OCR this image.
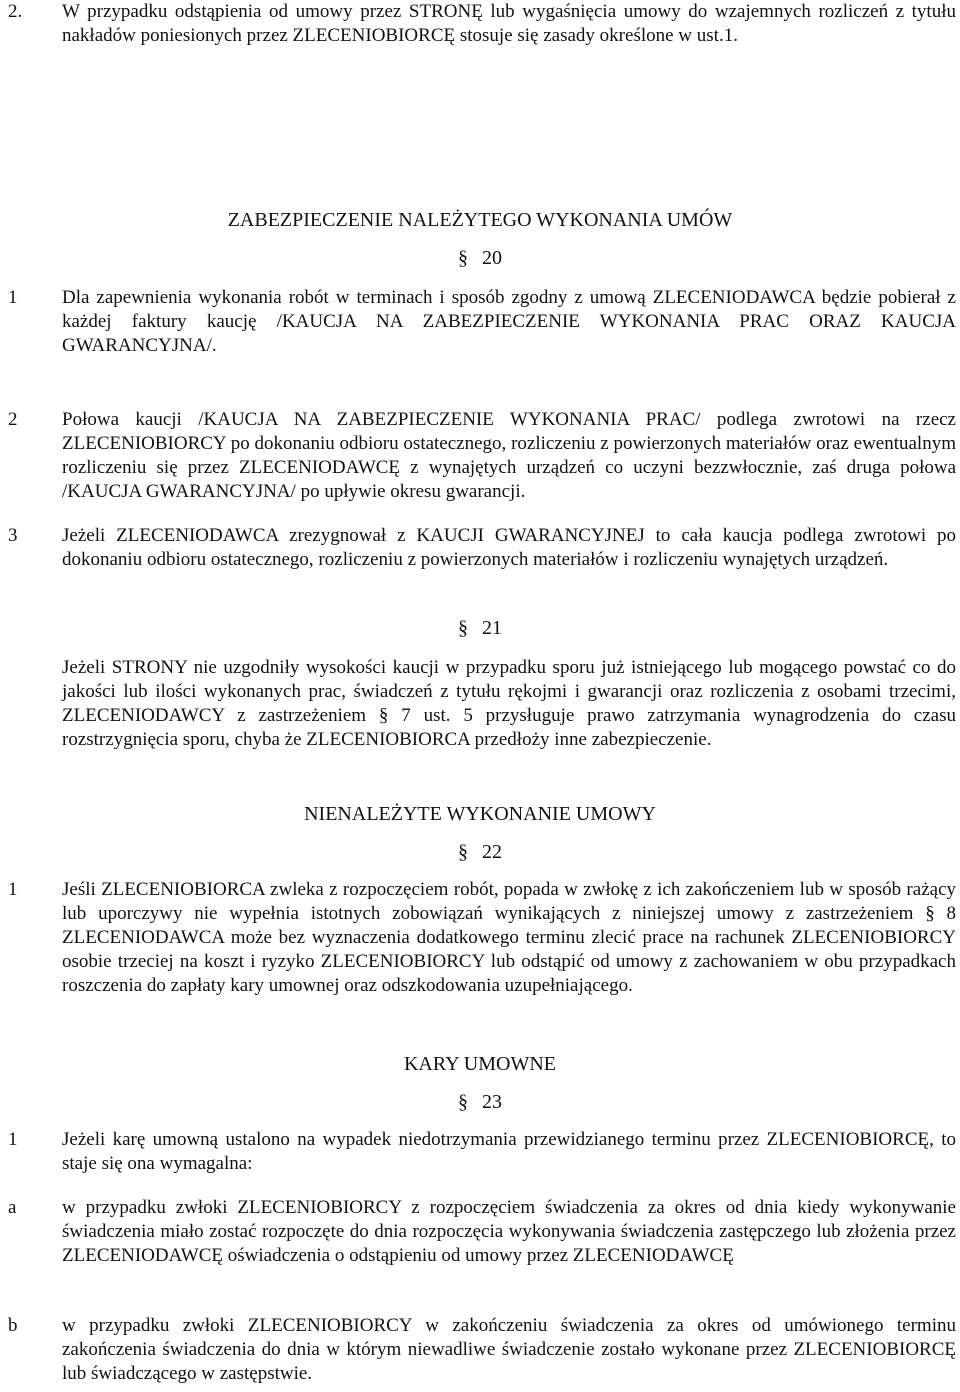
2.	W przypadku odstąpienia od umowy przez STRONĘ lub wygaśnięcia umowy do wzajemnych rozliczeń z tytułu nakładów poniesionych przez ZLECENIOBIORCĘ stosuje się zasady określone w ust.1.
ZABEZPIECZENIE NALEŻYTEGO WYKONANIA UMÓW
§ 20
1	Dla zapewnienia wykonania robót w terminach i sposób zgodny z umową ZLECENIODAWCA będzie pobierał z każdej faktury kaucję /KAUCJA NA ZABEZPIECZENIE WYKONANIA PRAC ORAZ KAUCJA GWARANCYJNA/.
2	Połowa kaucji /KAUCJA NA ZABEZPIECZENIE WYKONANIA PRAC/ podlega zwrotowi na rzecz ZLECENIOBIORCY po dokonaniu odbioru ostatecznego, rozliczeniu z powierzonych materiałów oraz ewentualnym rozliczeniu się przez ZLECENIODAWCĘ z wynajętych urządzeń co uczyni bezzwłocznie, zaś druga połowa /KAUCJA GWARANCYJNA/ po upływie okresu gwarancji.
3	Jeżeli ZLECENIODAWCA zrezygnował z KAUCJI GWARANCYJNEJ to cała kaucja podlega zwrotowi po dokonaniu odbioru ostatecznego, rozliczeniu z powierzonych materiałów i rozliczeniu wynajętych urządzeń.
§ 21
Jeżeli STRONY nie uzgodniły wysokości kaucji w przypadku sporu już istniejącego lub mogącego powstać co do jakości lub ilości wykonanych prac, świadczeń z tytułu rękojmi i gwarancji oraz rozliczenia z osobami trzecimi, ZLECENIODAWCY z zastrzeżeniem § 7 ust. 5 przysługuje prawo zatrzymania wynagrodzenia do czasu rozstrzygnięcia sporu, chyba że ZLECENIOBIORCA przedłoży inne zabezpieczenie.
NIENALEŻYTE WYKONANIE UMOWY
§ 22
1	Jeśli ZLECENIOBIORCA zwleka z rozpoczęciem robót, popada w zwłokę z ich zakończeniem lub w sposób rażący lub uporczywy nie wypełnia istotnych zobowiązań wynikających z niniejszej umowy z zastrzeżeniem § 8 ZLECENIODAWCA może bez wyznaczenia dodatkowego terminu zlecić prace na rachunek ZLECENIOBIORCY osobie trzeciej na koszt i ryzyko ZLECENIOBIORCY lub odstąpić od umowy z zachowaniem w obu przypadkach roszczenia do zapłaty kary umownej oraz odszkodowania uzupełniającego.
KARY UMOWNE
§ 23
1	Jeżeli karę umowną ustalono na wypadek niedotrzymania przewidzianego terminu przez ZLECENIOBIORCĘ, to staje się ona wymagalna:
a	w przypadku zwłoki ZLECENIOBIORCY z rozpoczęciem świadczenia za okres od dnia kiedy wykonywanie świadczenia miało zostać rozpoczęte do dnia rozpoczęcia wykonywania świadczenia zastępczego lub złożenia przez ZLECENIODAWCĘ oświadczenia o odstąpieniu od umowy przez ZLECENIODAWCĘ
b	w przypadku zwłoki ZLECENIOBIORCY w zakończeniu świadczenia za okres od umówionego terminu zakończenia świadczenia do dnia w którym niewadliwe świadczenie zostało wykonane przez ZLECENIOBIORCĘ lub świadczącego w zastępstwie.
